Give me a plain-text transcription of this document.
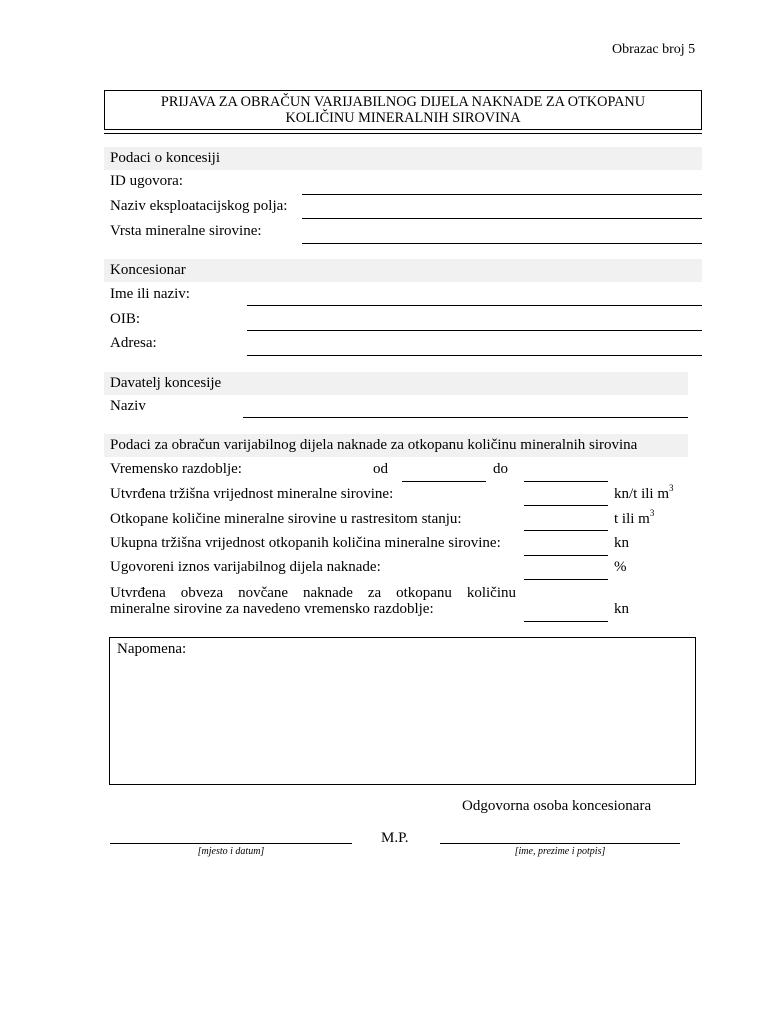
Obrazac broj 5
PRIJAVA ZA OBRAČUN VARIJABILNOG DIJELA NAKNADE ZA OTKOPANU
KOLIČINU MINERALNIH SIROVINA
Podaci o koncesiji
ID ugovora:
Naziv eksploatacijskog polja:
Vrsta mineralne sirovine:
Koncesionar
Ime ili naziv:
OIB:
Adresa:
Davatelj koncesije
Naziv
Podaci za obračun varijabilnog dijela naknade za otkopanu količinu mineralnih sirovina
Vremensko razdoblje:	od	do
Utvrđena tržišna vrijednost mineralne sirovine:	kn/t ili $m^3$
Otkopane količine mineralne sirovine u rastresitom stanju:	t ili $m^3$
Ukupna tržišna vrijednost otkopanih količina mineralne sirovine:	kn
Ugovoreni iznos varijabilnog dijela naknade:	%
Utvrđena obveza novčane naknade za otkopanu količinu
mineralne sirovine za navedeno vremensko razdoblje:	kn
Napomena:
Odgovorna osoba koncesionara
M.P.
[mjesto i datum]	[ime, prezime i potpis]
